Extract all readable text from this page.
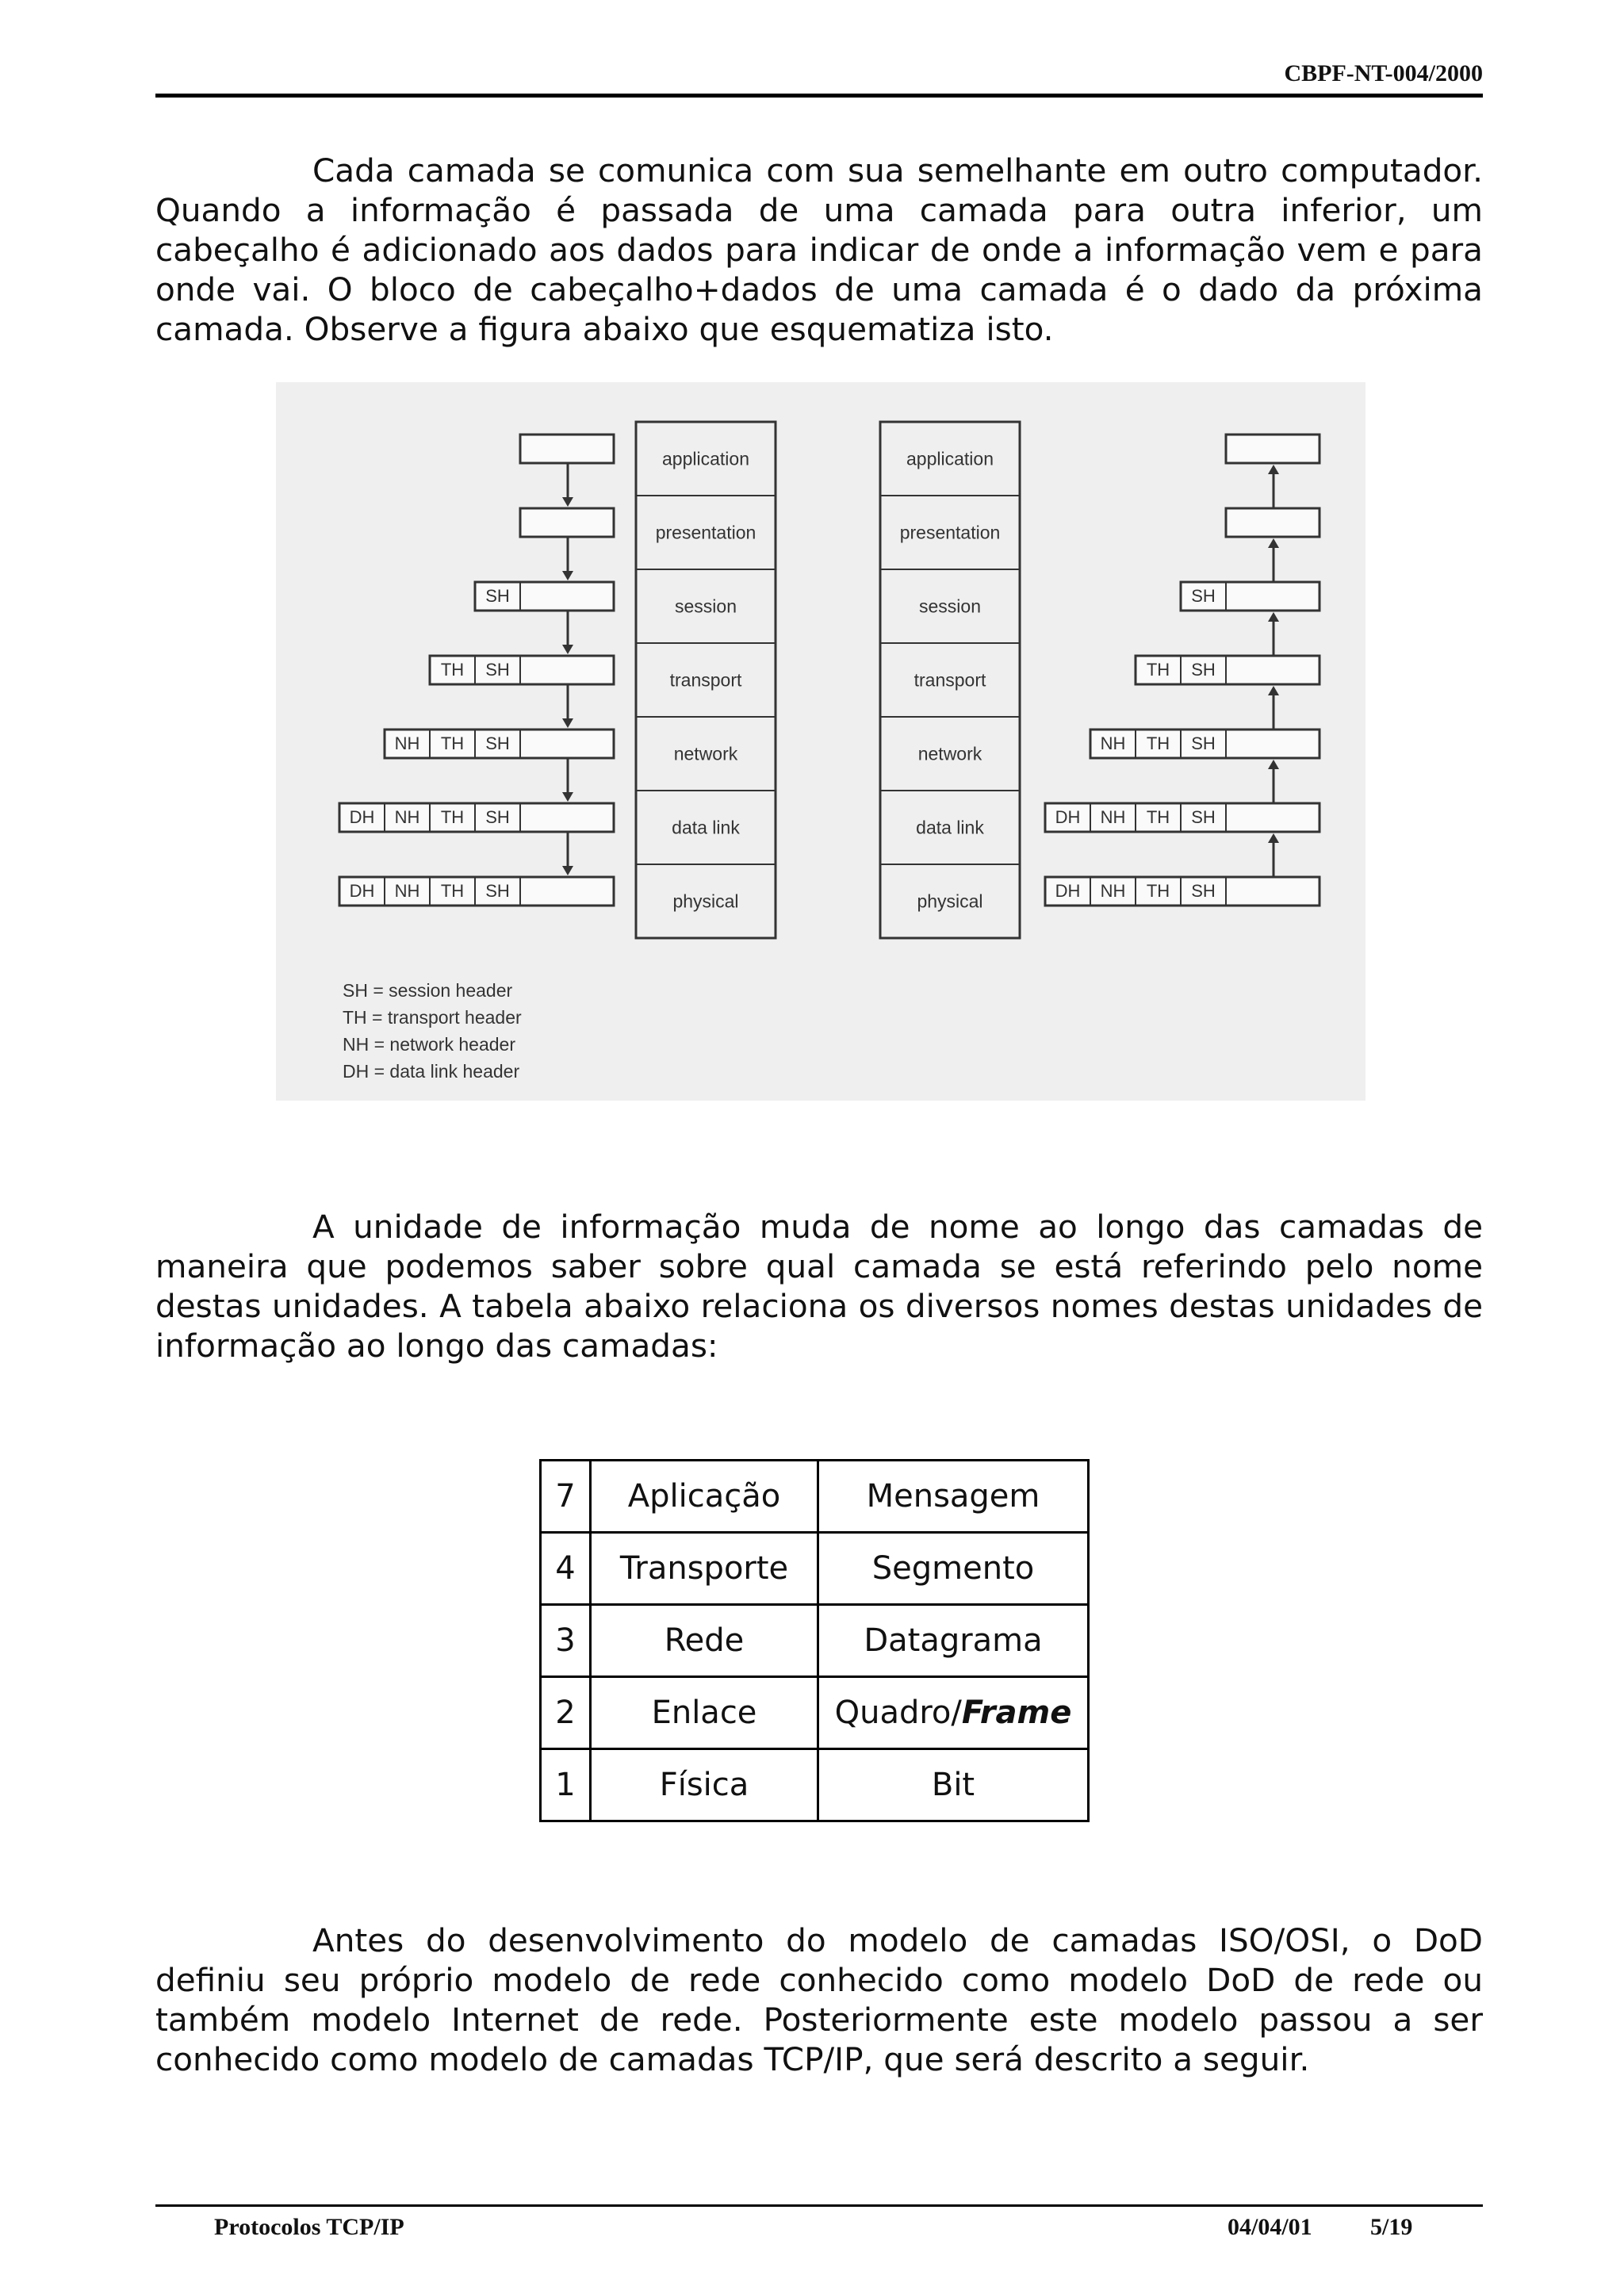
CBPF-NT-004/2000

Cada camada se comunica com sua semelhante em outro computador. Quando a informação é passada de uma camada para outra inferior, um cabeçalho é adicionado aos dados para indicar de onde a informação vem e para onde vai. O bloco de cabeçalho+dados de uma camada é o dado da próxima camada. Observe a figura abaixo que esquematiza isto.

application
presentation
session
transport
network
data link
physical
application
presentation
session
transport
network
data link
physical
SH
TH SH
NH TH SH
DH NH TH SH
DH NH TH SH
SH
TH SH
NH TH SH
DH NH TH SH
DH NH TH SH
SH = session header
TH = transport header
NH = network header
DH = data link header

A unidade de informação muda de nome ao longo das camadas de maneira que podemos saber sobre qual camada se está referindo pelo nome destas unidades. A tabela abaixo relaciona os diversos nomes destas unidades de informação ao longo das camadas:

7	Aplicação	Mensagem
4	Transporte	Segmento
3	Rede	Datagrama
2	Enlace	Quadro/Frame
1	Física	Bit

Antes do desenvolvimento do modelo de camadas ISO/OSI, o DoD definiu seu próprio modelo de rede conhecido como modelo DoD de rede ou também modelo Internet de rede. Posteriormente este modelo passou a ser conhecido como modelo de camadas TCP/IP, que será descrito a seguir.

Protocolos TCP/IP	04/04/01 5/19
